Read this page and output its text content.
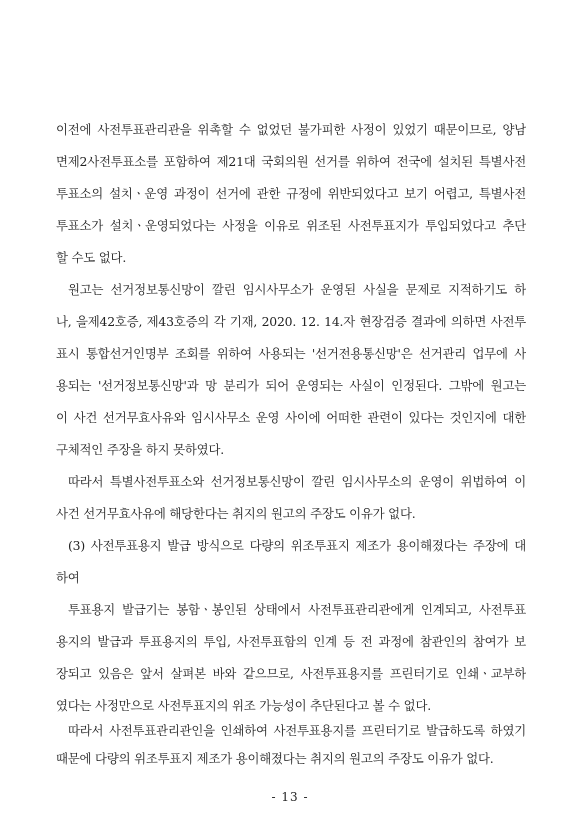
이전에 사전투표관리관을 위촉할 수 없었던 불가피한 사정이 있었기 때문이므로, 양남
면제2사전투표소를 포함하여 제21대 국회의원 선거를 위하여 전국에 설치된 특별사전
투표소의 설치ㆍ운영 과정이 선거에 관한 규정에 위반되었다고 보기 어렵고, 특별사전
투표소가 설치ㆍ운영되었다는 사정을 이유로 위조된 사전투표지가 투입되었다고 추단
할 수도 없다.
원고는 선거정보통신망이 깔린 임시사무소가 운영된 사실을 문제로 지적하기도 하
나, 을제42호증, 제43호증의 각 기재, 2020. 12. 14.자 현장검증 결과에 의하면 사전투
표시 통합선거인명부 조회를 위하여 사용되는 '선거전용통신망'은 선거관리 업무에 사
용되는 '선거정보통신망'과 망 분리가 되어 운영되는 사실이 인정된다. 그밖에 원고는
이 사건 선거무효사유와 임시사무소 운영 사이에 어떠한 관련이 있다는 것인지에 대한
구체적인 주장을 하지 못하였다.
따라서 특별사전투표소와 선거정보통신망이 깔린 임시사무소의 운영이 위법하여 이
사건 선거무효사유에 해당한다는 취지의 원고의 주장도 이유가 없다.
(3) 사전투표용지 발급 방식으로 다량의 위조투표지 제조가 용이해졌다는 주장에 대
하여
투표용지 발급기는 봉함ㆍ봉인된 상태에서 사전투표관리관에게 인계되고, 사전투표
용지의 발급과 투표용지의 투입, 사전투표함의 인계 등 전 과정에 참관인의 참여가 보
장되고 있음은 앞서 살펴본 바와 같으므로, 사전투표용지를 프린터기로 인쇄ㆍ교부하
였다는 사정만으로 사전투표지의 위조 가능성이 추단된다고 볼 수 없다.
따라서 사전투표관리관인을 인쇄하여 사전투표용지를 프린터기로 발급하도록 하였기
때문에 다량의 위조투표지 제조가 용이해졌다는 취지의 원고의 주장도 이유가 없다.
- 13 -
